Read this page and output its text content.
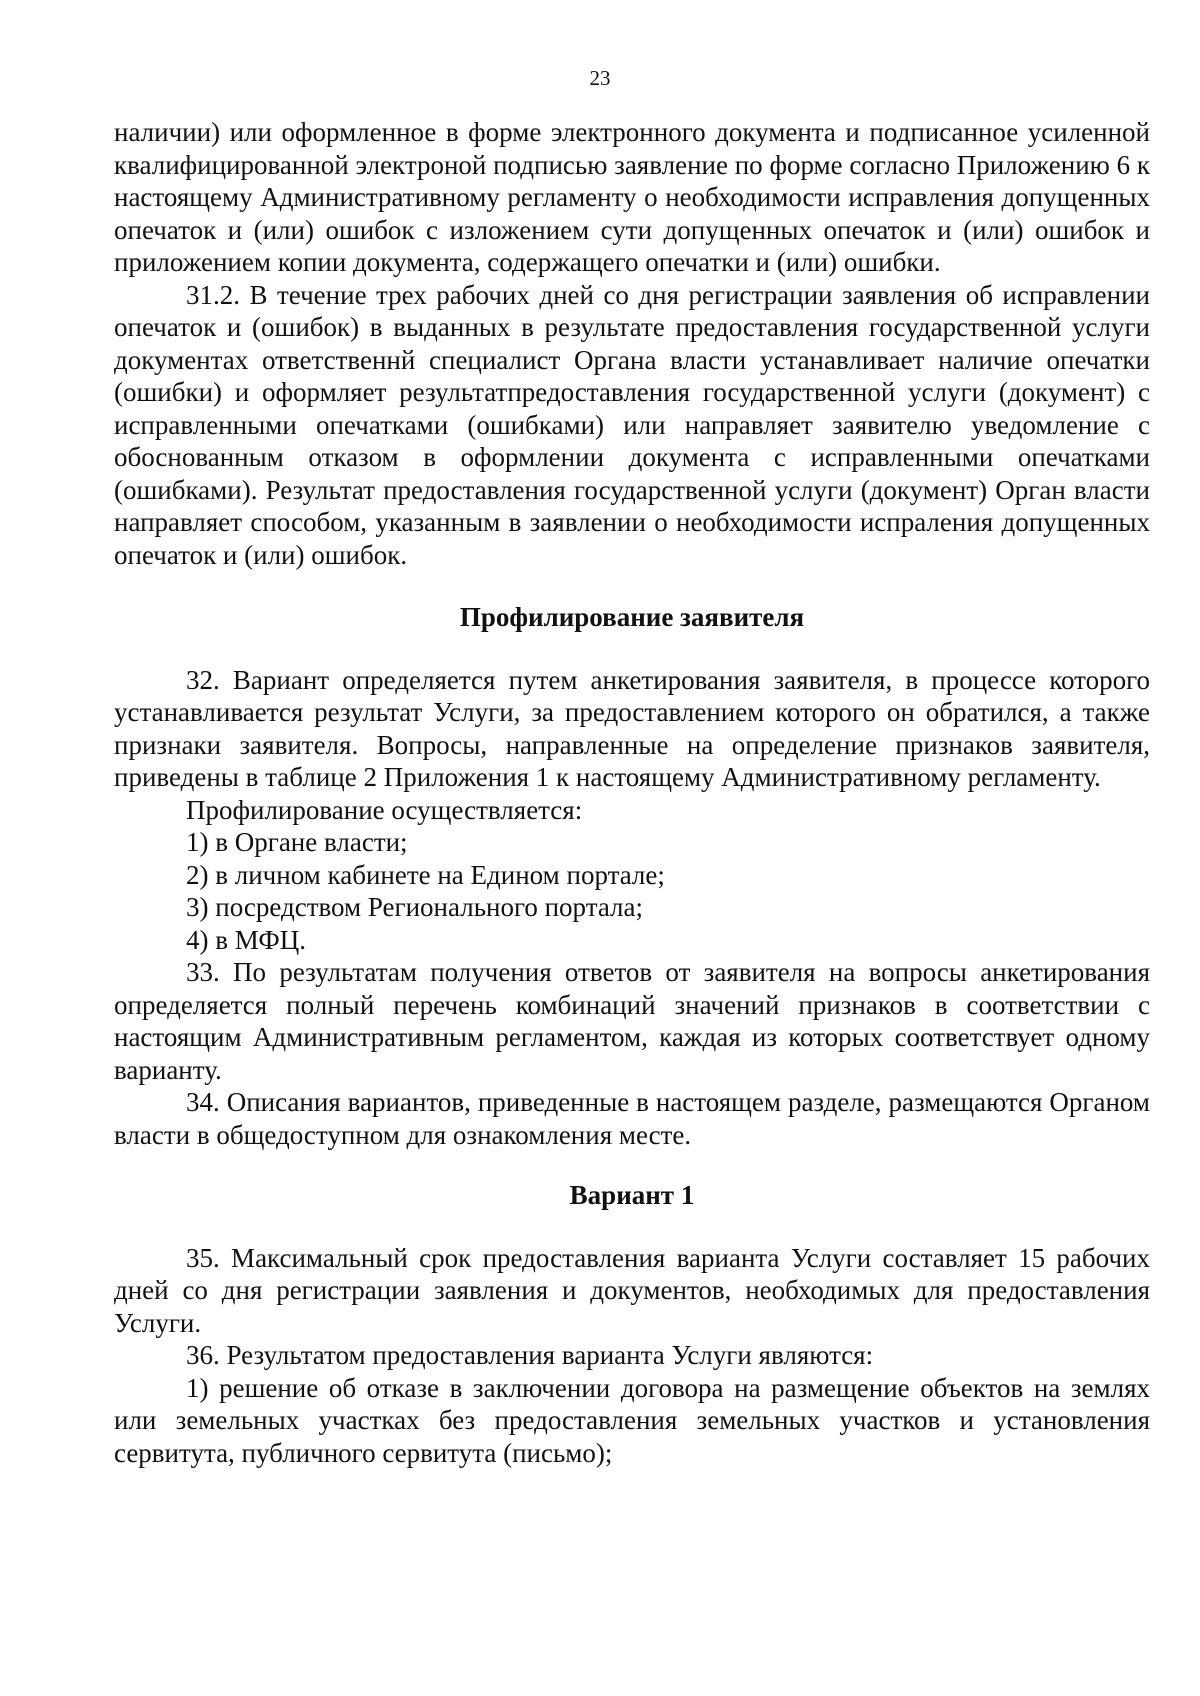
23

наличии) или оформленное в форме электронного документа и подписанное усиленной квалифицированной электроной подписью заявление по форме согласно Приложению 6 к настоящему Административному регламенту о необходимости исправления допущенных опечаток и (или) ошибок с изложением сути допущенных опечаток и (или) ошибок и приложением копии документа, содержащего опечатки и (или) ошибки.

31.2. В течение трех рабочих дней со дня регистрации заявления об исправлении опечаток и (ошибок) в выданных в результате предоставления государственной услуги документах ответственнй специалист Органа власти устанавливает наличие опечатки (ошибки) и оформляет результатпредоставления государственной услуги (документ) с исправленными опечатками (ошибками) или направляет заявителю уведомление с обоснованным отказом в оформлении документа с исправленными опечатками (ошибками). Результат предоставления государственной услуги (документ) Орган власти направляет способом, указанным в заявлении о необходимости испраления допущенных опечаток и (или) ошибок.

Профилирование заявителя

32. Вариант определяется путем анкетирования заявителя, в процессе которого устанавливается результат Услуги, за предоставлением которого он обратился, а также признаки заявителя. Вопросы, направленные на определение признаков заявителя, приведены в таблице 2 Приложения 1 к настоящему Административному регламенту.

Профилирование осуществляется:

1) в Органе власти;

2) в личном кабинете на Едином портале;

3) посредством Регионального портала;

4) в МФЦ.

33. По результатам получения ответов от заявителя на вопросы анкетирования определяется полный перечень комбинаций значений признаков в соответствии с настоящим Административным регламентом, каждая из которых соответствует одному варианту.

34. Описания вариантов, приведенные в настоящем разделе, размещаются Органом власти в общедоступном для ознакомления месте.

Вариант 1

35. Максимальный срок предоставления варианта Услуги составляет 15 рабочих дней со дня регистрации заявления и документов, необходимых для предоставления Услуги.

36. Результатом предоставления варианта Услуги являются:

1) решение об отказе в заключении договора на размещение объектов на землях или земельных участках без предоставления земельных участков и установления сервитута, публичного сервитута (письмо);
